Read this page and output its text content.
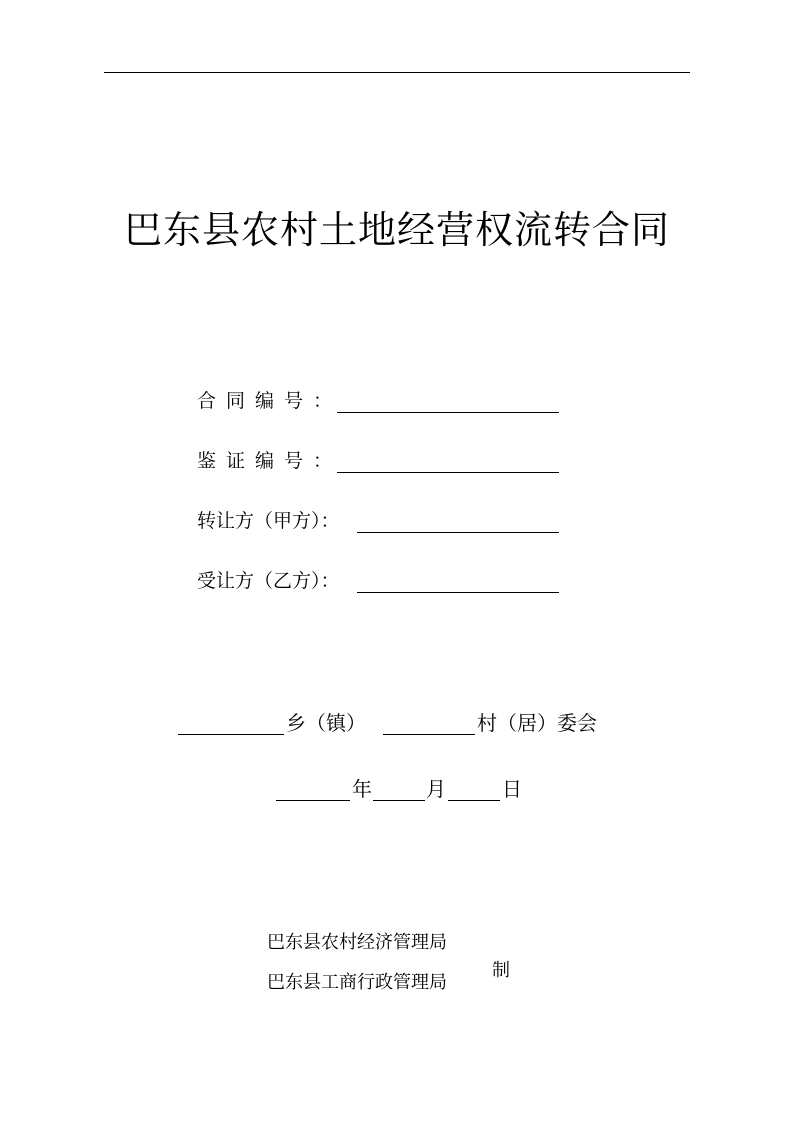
巴东县农村土地经营权流转合同
合同编号：
鉴证编号：
转让方（甲方）：
受让方（乙方）：
乡（镇）	村（居）委会
年	月	日
巴东县农村经济管理局
巴东县工商行政管理局
制
